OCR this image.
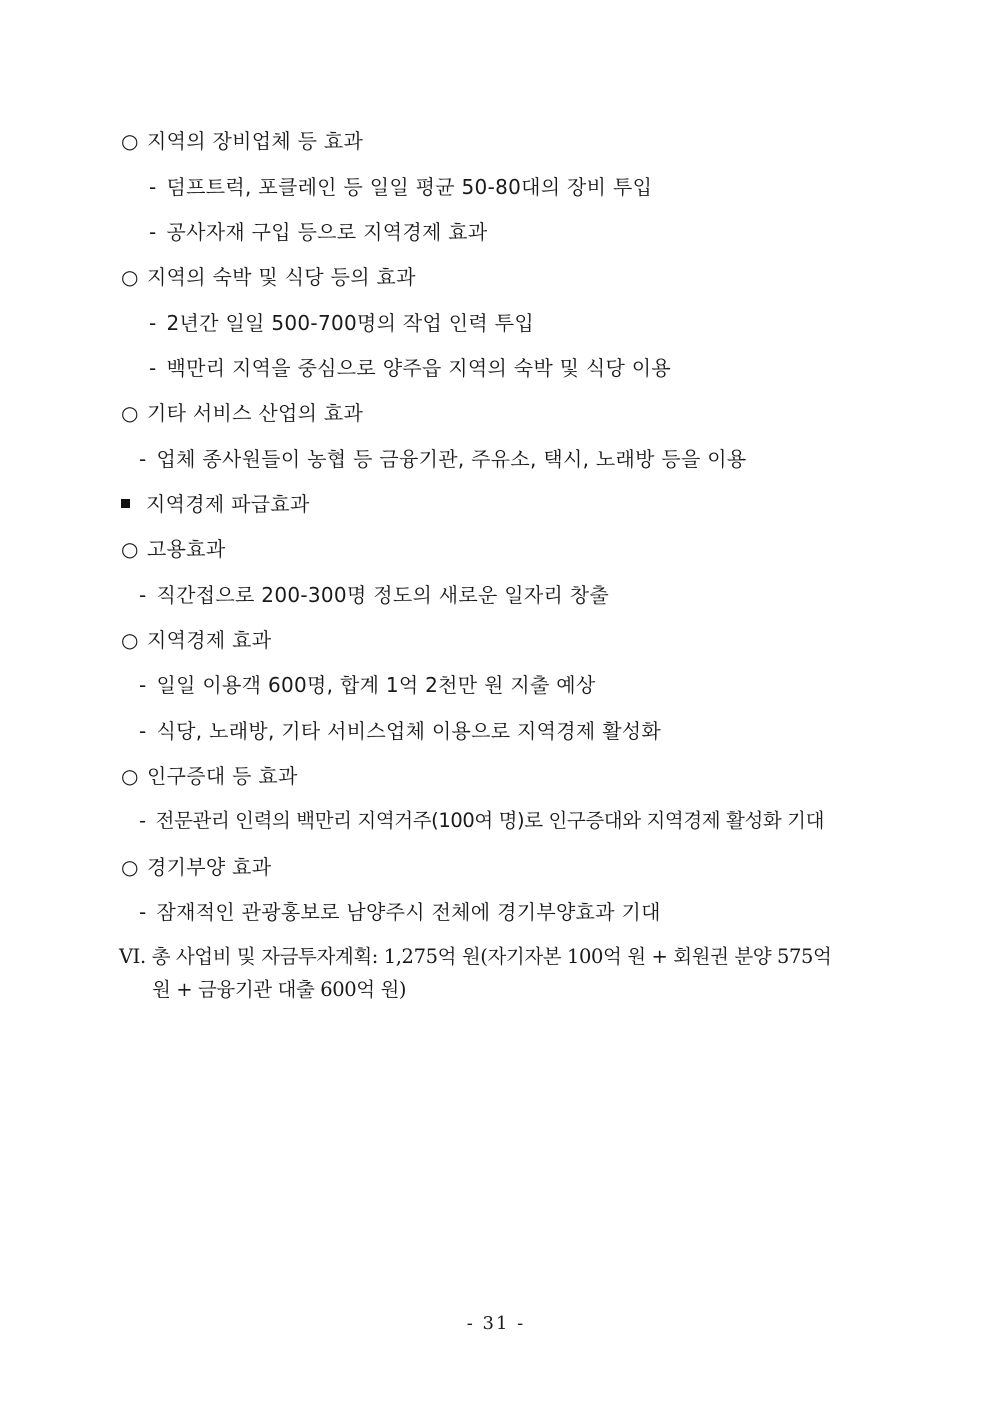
○ 지역의 장비업체 등 효과
- 덤프트럭, 포클레인 등 일일 평균 50-80대의 장비 투입
- 공사자재 구입 등으로 지역경제 효과
○ 지역의 숙박 및 식당 등의 효과
- 2년간 일일 500-700명의 작업 인력 투입
- 백만리 지역을 중심으로 양주읍 지역의 숙박 및 식당 이용
○ 기타 서비스 산업의 효과
- 업체 종사원들이 농협 등 금융기관, 주유소, 택시, 노래방 등을 이용
지역경제 파급효과
○ 고용효과
- 직간접으로 200-300명 정도의 새로운 일자리 창출
○ 지역경제 효과
- 일일 이용객 600명, 합계 1억 2천만 원 지출 예상
- 식당, 노래방, 기타 서비스업체 이용으로 지역경제 활성화
○ 인구증대 등 효과
- 전문관리 인력의 백만리 지역거주(100여 명)로 인구증대와 지역경제 활성화 기대
○ 경기부양 효과
- 잠재적인 관광홍보로 남양주시 전체에 경기부양효과 기대
VI. 총 사업비 및 자금투자계획: 1,275억 원(자기자본 100억 원 + 회원권 분양 575억
원 + 금융기관 대출 600억 원)
- 31 -
